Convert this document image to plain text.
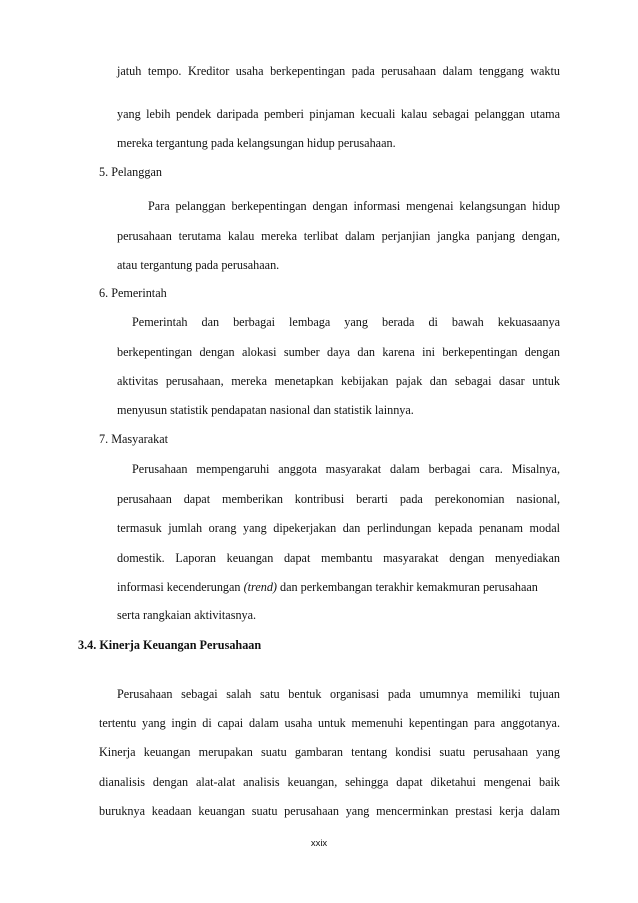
jatuh tempo. Kreditor usaha berkepentingan pada perusahaan dalam tenggang waktu
yang lebih pendek daripada pemberi pinjaman kecuali kalau sebagai pelanggan utama
mereka tergantung pada kelangsungan hidup perusahaan.
5. Pelanggan
Para pelanggan berkepentingan dengan informasi mengenai kelangsungan hidup
perusahaan terutama kalau mereka terlibat dalam perjanjian jangka panjang dengan,
atau tergantung pada perusahaan.
6. Pemerintah
Pemerintah dan berbagai lembaga yang berada di bawah kekuasaanya
berkepentingan dengan alokasi sumber daya dan karena ini berkepentingan dengan
aktivitas perusahaan, mereka menetapkan kebijakan pajak dan sebagai dasar untuk
menyusun statistik pendapatan nasional dan statistik lainnya.
7. Masyarakat
Perusahaan mempengaruhi anggota masyarakat dalam berbagai cara. Misalnya,
perusahaan dapat memberikan kontribusi berarti pada perekonomian nasional,
termasuk jumlah orang yang dipekerjakan dan perlindungan kepada penanam modal
domestik. Laporan keuangan dapat membantu masyarakat dengan menyediakan
informasi kecenderungan (trend) dan perkembangan terakhir kemakmuran perusahaan
serta rangkaian aktivitasnya.
3.4. Kinerja Keuangan Perusahaan
Perusahaan sebagai salah satu bentuk organisasi pada umumnya memiliki tujuan
tertentu yang ingin di capai dalam usaha untuk memenuhi kepentingan para anggotanya.
Kinerja keuangan merupakan suatu gambaran tentang kondisi suatu perusahaan yang
dianalisis dengan alat-alat analisis keuangan, sehingga dapat diketahui mengenai baik
buruknya keadaan keuangan suatu perusahaan yang mencerminkan prestasi kerja dalam
xxix
